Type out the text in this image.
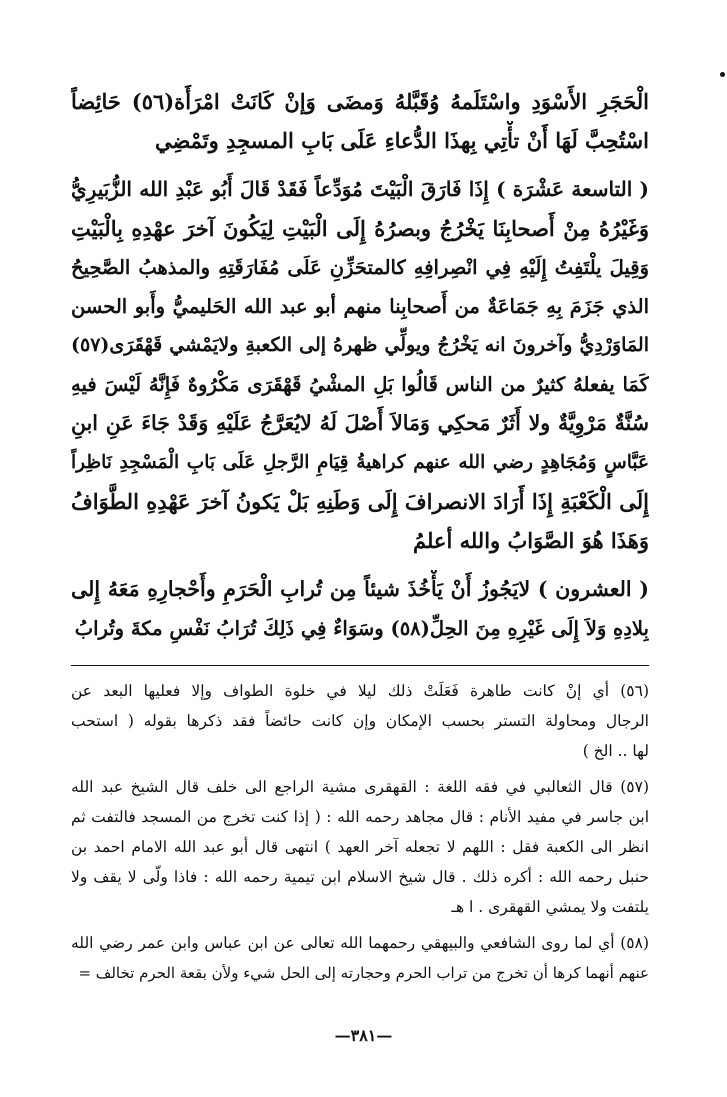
الْحَجَرِ الأَسْوَدِ واسْتَلَمهُ وُقَبَّلهُ وَمضَى وَإنْ كَانَتْ امْرَأَة(٥٦) حَائِضاً
اسْتُحِبَّ لَهَا أَنْ تأْتِي بِهذَا الدُّعاءِ عَلَى بَابِ المسجِدِ وتَمْضِي
( التاسعة عَشْرَة ) إِذَا فَارَقَ الْبَيْتَ مُوَدِّعاً فَقَدْ قَالَ أَبُو عَبْدِ الله الزُّبَيرِيُّ
وَغَيْرُهُ مِنْ أَصحابِنَا يَخْرُجُ وبصرُهُ إِلَى الْبَيْتِ لِيَكُونَ آخرَ عهْدِهِ بِالْبَيْتِ
وَقِيلَ يلْتَفِتُ إِلَيْهِ فِي انْصِرافِهِ كالمتحَزِّنِ عَلَى مُفَارَقَتِهِ والمذهبُ الصَّحِيحُ
الذي جَزَمَ بِهِ جَمَاعَةٌ من أَصحابِنا منهم أبو عبد الله الحَليميُّ وأَبو الحسن
المَاوَرْدِيُّ وآخرونَ انه يَخْرُجُ ويولِّي ظهرهُ إلى الكعبةِ ولايَمْشي قَهْقَرَى(٥٧)
كَمَا يفعلهُ كثيرٌ من الناس قَالُوا بَلِ المشْيُ قَهْقَرَى مَكْرُوهٌ فَإِنَّهُ لَيْسَ فيهِ
سُنَّةٌ مَرْوِيَّةٌ ولا أَثَرٌ مَحكِي وَمَالاَ أَصْلَ لَهُ لايُعَرَّجُ عَلَيْهِ وَقَدْ جَاءَ عَنِ ابنِ
عَبَّاسٍ وَمُجَاهِدٍ رضي الله عنهم كراهيةُ قِيَامِ الرَّجلِ عَلَى بَابِ الْمَسْجِدِ نَاظِراً
إِلَى الْكَعْبَةِ إِذَا أَرَادَ الانصرافَ إِلَى وَطَنِهِ بَلْ يَكونُ آخرَ عَهْدِهِ الطَّوَافُ
وَهَذَا هُوَ الصَّوَابُ والله أعلمُ
( العشرون ) لايَجُوزُ أَنْ يَأْخُذَ شيئاً مِن تُرابِ الْحَرَمِ وأَحْجارِهِ مَعَهُ إِلى
بِلادِهِ وَلاَ إِلَى غَيْرِهِ مِنَ الحِلِّ(٥٨) وسَوَاءٌ فِي ذَلِكَ تُرَابُ نَفْسِ مكةَ وتُرابُ
(٥٦) أي إنْ كانت طاهرة فَعَلَتْ ذلك ليلا في خلوة الطواف وإلا فعليها البعد عن
الرجال ومحاولة التستر بحسب الإمكان وإن كانت حائضاً فقد ذكرها بقوله ( استحب
لها .. الخ )
(٥٧) قال الثعالبي في فقه اللغة : القهقرى مشية الراجع الى خلف قال الشيخ عبد الله
ابن جاسر في مفيد الأنام : قال مجاهد رحمه الله : ( إذا كنت تخرج من المسجد فالتفت ثم
انظر الى الكعبة فقل : اللهم لا تجعله آخر العهد ) انتهى قال أبو عبد الله الامام احمد بن
حنبل رحمه الله : أكره ذلك . قال شيخ الاسلام ابن تيمية رحمه الله : فاذا ولّى لا يقف ولا
يلتفت ولا يمشي القهقرى . ا هـ
(٥٨) أي لما روى الشافعي والبيهقي رحمهما الله تعالى عن ابن عباس وابن عمر رضي الله
عنهم أنهما كرها أن تخرج من تراب الحرم وحجارته إلى الحل شيء ولأن بقعة الحرم تخالف =
—٣٨١—
